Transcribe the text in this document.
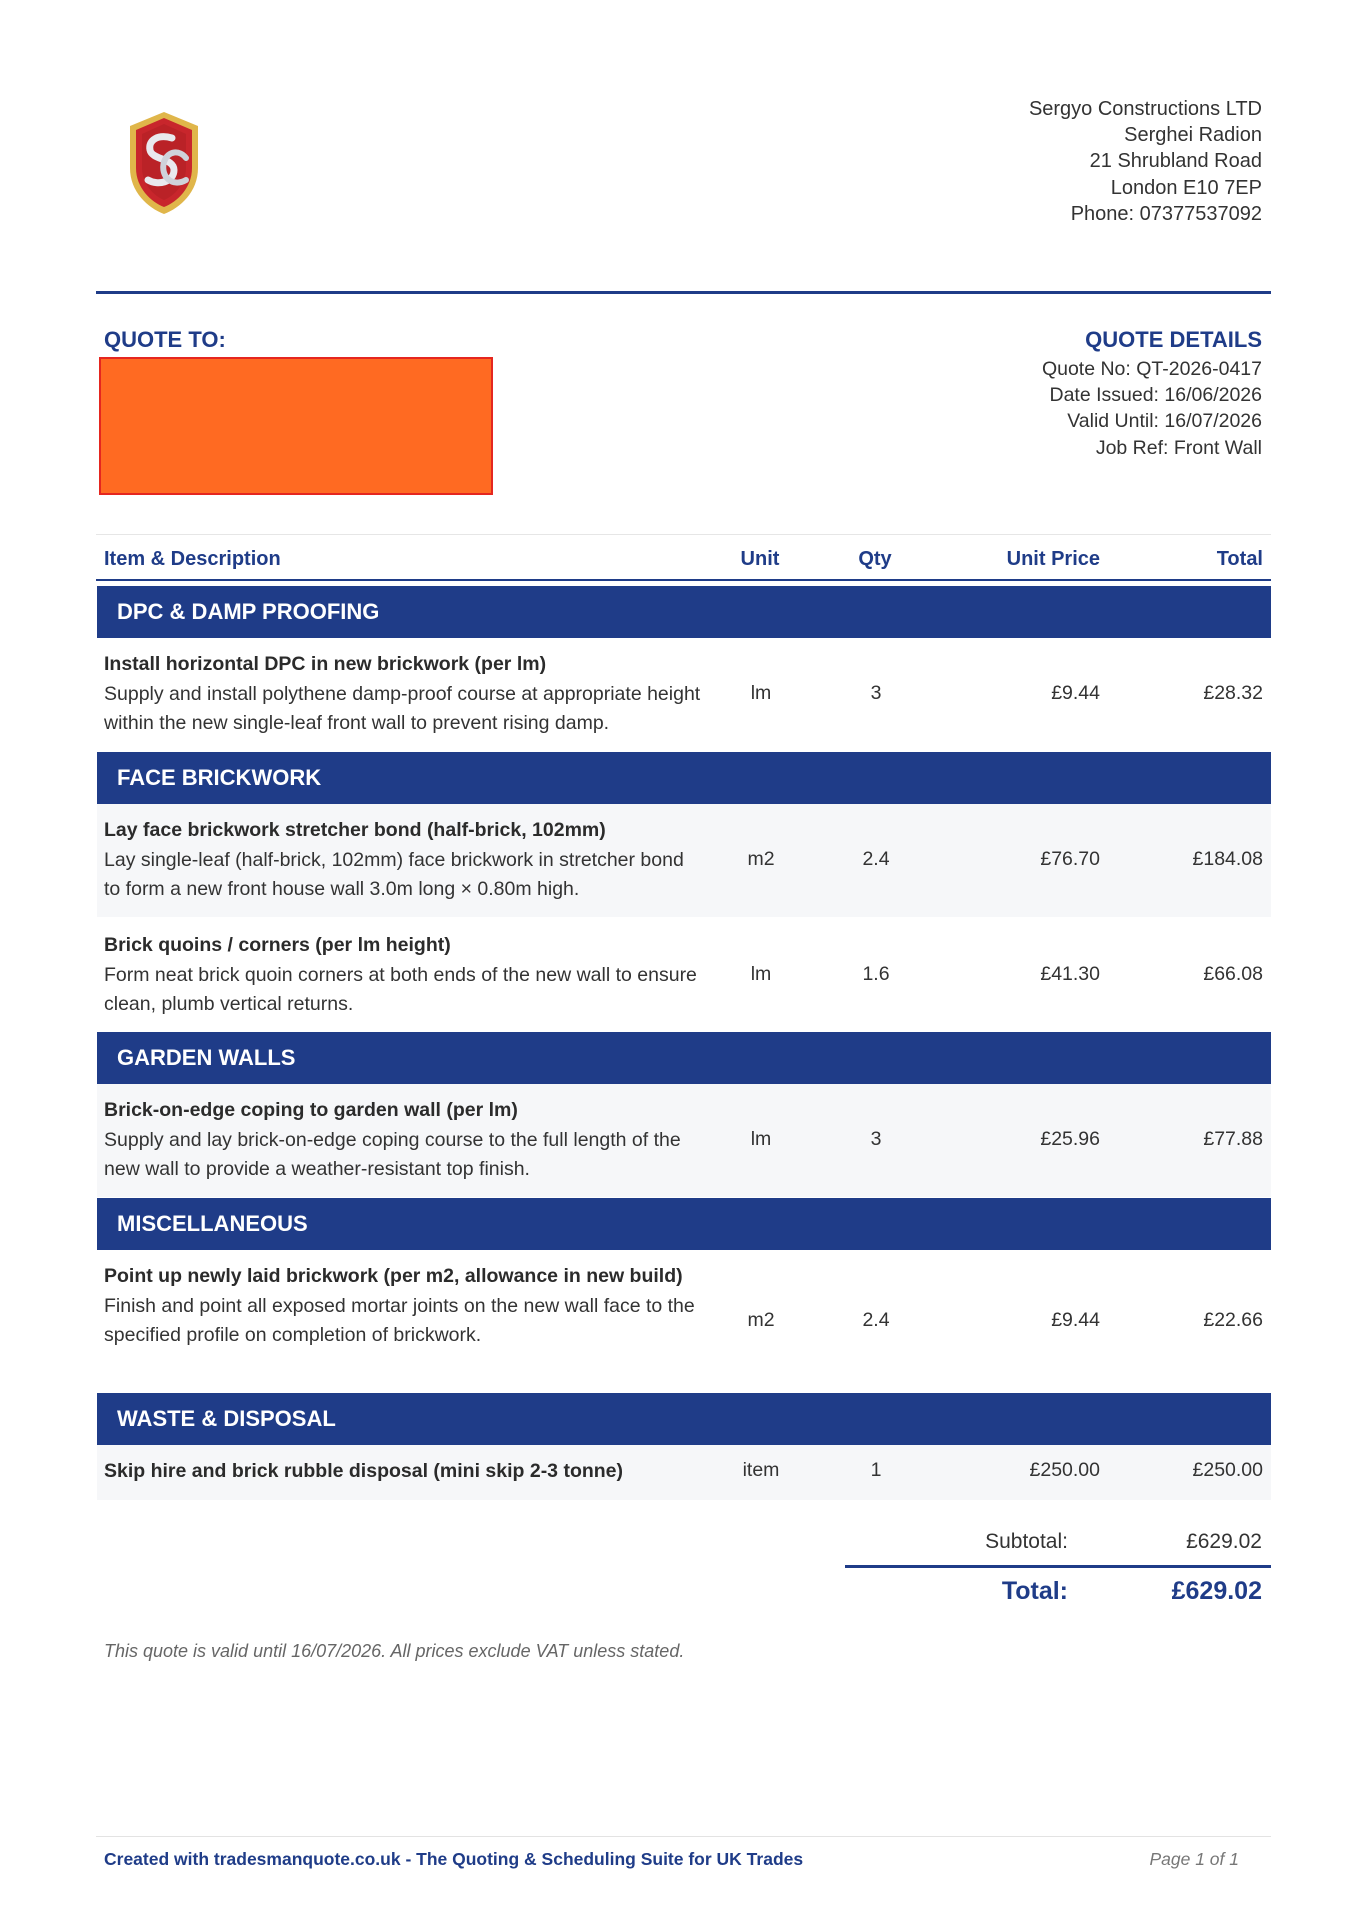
Sergyo Constructions LTD
Serghei Radion
21 Shrubland Road
London E10 7EP
Phone: 07377537092
QUOTE TO:	QUOTE DETAILS
Quote No: QT-2026-0417
Date Issued: 16/06/2026
Valid Until: 16/07/2026
Job Ref: Front Wall
Item & Description	Unit	Qty	Unit Price	Total
DPC & DAMP PROOFING
Install horizontal DPC in new brickwork (per lm)
Supply and install polythene damp-proof course at appropriate height within the new single-leaf front wall to prevent rising damp.
lm	3	£9.44	£28.32
FACE BRICKWORK
Lay face brickwork stretcher bond (half-brick, 102mm)
Lay single-leaf (half-brick, 102mm) face brickwork in stretcher bond to form a new front house wall 3.0m long × 0.80m high.
m2	2.4	£76.70	£184.08
Brick quoins / corners (per lm height)
Form neat brick quoin corners at both ends of the new wall to ensure clean, plumb vertical returns.
lm	1.6	£41.30	£66.08
GARDEN WALLS
Brick-on-edge coping to garden wall (per lm)
Supply and lay brick-on-edge coping course to the full length of the new wall to provide a weather-resistant top finish.
lm	3	£25.96	£77.88
MISCELLANEOUS
Point up newly laid brickwork (per m2, allowance in new build)
Finish and point all exposed mortar joints on the new wall face to the specified profile on completion of brickwork.
m2	2.4	£9.44	£22.66
WASTE & DISPOSAL
Skip hire and brick rubble disposal (mini skip 2-3 tonne)	item	1	£250.00	£250.00
Subtotal:	£629.02
Total:	£629.02
This quote is valid until 16/07/2026. All prices exclude VAT unless stated.
Created with tradesmanquote.co.uk - The Quoting & Scheduling Suite for UK Trades	Page 1 of 1
